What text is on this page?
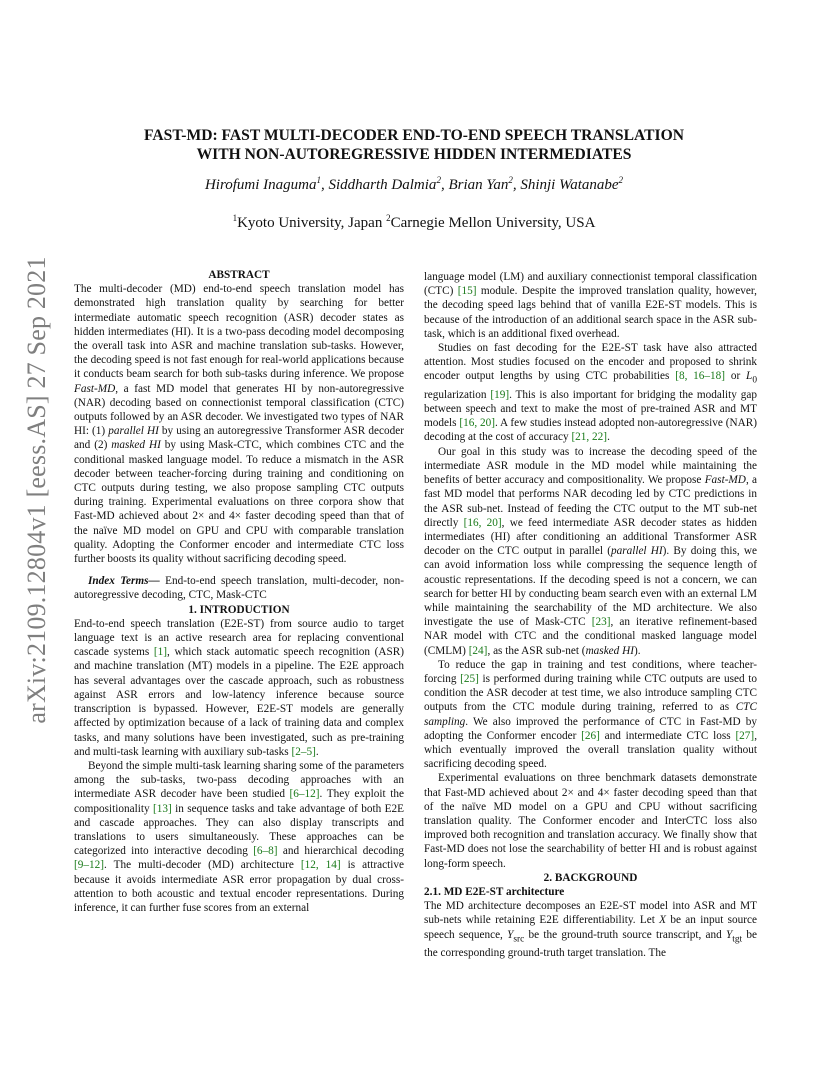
arXiv:2109.12804v1 [eess.AS] 27 Sep 2021
FAST-MD: FAST MULTI-DECODER END-TO-END SPEECH TRANSLATION
WITH NON-AUTOREGRESSIVE HIDDEN INTERMEDIATES
Hirofumi Inaguma$^1$, Siddharth Dalmia$^2$, Brian Yan$^2$, Shinji Watanabe$^2$
$^1$Kyoto University, Japan $^2$Carnegie Mellon University, USA

ABSTRACT

The multi-decoder (MD) end-to-end speech translation model has demonstrated high translation quality by searching for better intermediate automatic speech recognition (ASR) decoder states as hidden intermediates (HI). It is a two-pass decoding model decomposing the overall task into ASR and machine translation sub-tasks. However, the decoding speed is not fast enough for real-world applications because it conducts beam search for both sub-tasks during inference. We propose Fast-MD, a fast MD model that generates HI by non-autoregressive (NAR) decoding based on connectionist temporal classification (CTC) outputs followed by an ASR decoder. We investigated two types of NAR HI: (1) parallel HI by using an autoregressive Transformer ASR decoder and (2) masked HI by using Mask-CTC, which combines CTC and the conditional masked language model. To reduce a mismatch in the ASR decoder between teacher-forcing during training and conditioning on CTC outputs during testing, we also propose sampling CTC outputs during training. Experimental evaluations on three corpora show that Fast-MD achieved about 2× and 4× faster decoding speed than that of the naïve MD model on GPU and CPU with comparable translation quality. Adopting the Conformer encoder and intermediate CTC loss further boosts its quality without sacrificing decoding speed.

Index Terms— End-to-end speech translation, multi-decoder, non-autoregressive decoding, CTC, Mask-CTC

1. INTRODUCTION

End-to-end speech translation (E2E-ST) from source audio to target language text is an active research area for replacing conventional cascade systems [1], which stack automatic speech recognition (ASR) and machine translation (MT) models in a pipeline. The E2E approach has several advantages over the cascade approach, such as robustness against ASR errors and low-latency inference because source transcription is bypassed. However, E2E-ST models are generally affected by optimization because of a lack of training data and complex tasks, and many solutions have been investigated, such as pre-training and multi-task learning with auxiliary sub-tasks [2–5].

Beyond the simple multi-task learning sharing some of the parameters among the sub-tasks, two-pass decoding approaches with an intermediate ASR decoder have been studied [6–12]. They exploit the compositionality [13] in sequence tasks and take advantage of both E2E and cascade approaches. They can also display transcripts and translations to users simultaneously. These approaches can be categorized into interactive decoding [6–8] and hierarchical decoding [9–12]. The multi-decoder (MD) architecture [12, 14] is attractive because it avoids intermediate ASR error propagation by dual cross-attention to both acoustic and textual encoder representations. During inference, it can further fuse scores from an external

language model (LM) and auxiliary connectionist temporal classification (CTC) [15] module. Despite the improved translation quality, however, the decoding speed lags behind that of vanilla E2E-ST models. This is because of the introduction of an additional search space in the ASR sub-task, which is an additional fixed overhead.

Studies on fast decoding for the E2E-ST task have also attracted attention. Most studies focused on the encoder and proposed to shrink encoder output lengths by using CTC probabilities [8, 16–18] or $L_0$ regularization [19]. This is also important for bridging the modality gap between speech and text to make the most of pre-trained ASR and MT models [16, 20]. A few studies instead adopted non-autoregressive (NAR) decoding at the cost of accuracy [21, 22].

Our goal in this study was to increase the decoding speed of the intermediate ASR module in the MD model while maintaining the benefits of better accuracy and compositionality. We propose Fast-MD, a fast MD model that performs NAR decoding led by CTC predictions in the ASR sub-net. Instead of feeding the CTC output to the MT sub-net directly [16, 20], we feed intermediate ASR decoder states as hidden intermediates (HI) after conditioning an additional Transformer ASR decoder on the CTC output in parallel (parallel HI). By doing this, we can avoid information loss while compressing the sequence length of acoustic representations. If the decoding speed is not a concern, we can search for better HI by conducting beam search even with an external LM while maintaining the searchability of the MD architecture. We also investigate the use of Mask-CTC [23], an iterative refinement-based NAR model with CTC and the conditional masked language model (CMLM) [24], as the ASR sub-net (masked HI).

To reduce the gap in training and test conditions, where teacher-forcing [25] is performed during training while CTC outputs are used to condition the ASR decoder at test time, we also introduce sampling CTC outputs from the CTC module during training, referred to as CTC sampling. We also improved the performance of CTC in Fast-MD by adopting the Conformer encoder [26] and intermediate CTC loss [27], which eventually improved the overall translation quality without sacrificing decoding speed.

Experimental evaluations on three benchmark datasets demonstrate that Fast-MD achieved about 2× and 4× faster decoding speed than that of the naïve MD model on a GPU and CPU without sacrificing translation quality. The Conformer encoder and InterCTC loss also improved both recognition and translation accuracy. We finally show that Fast-MD does not lose the searchability of better HI and is robust against long-form speech.

2. BACKGROUND

2.1. MD E2E-ST architecture

The MD architecture decomposes an E2E-ST model into ASR and MT sub-nets while retaining E2E differentiability. Let X be an input source speech sequence, $Y_{src}$ be the ground-truth source transcript, and $Y_{tgt}$ be the corresponding ground-truth target translation. The
